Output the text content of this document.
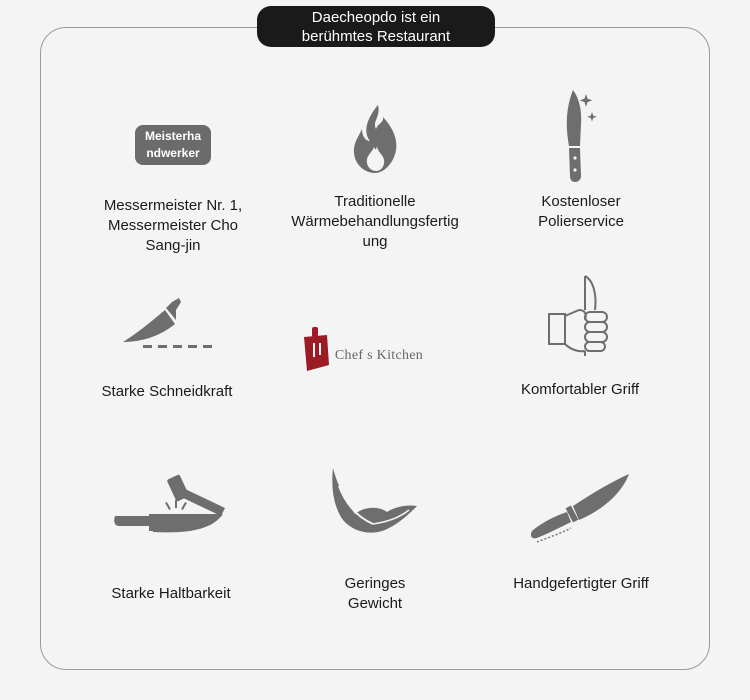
Daecheopdo ist ein
berühmtes Restaurant
Meisterha
ndwerker
Messermeister Nr. 1,
Messermeister Cho
Sang-jin
Traditionelle
Wärmebehandlungsfertig
ung
Kostenloser
Polierservice
Starke Schneidkraft
Chef s Kitchen
Komfortabler Griff
Starke Haltbarkeit
Geringes
Gewicht
Handgefertigter Griff
